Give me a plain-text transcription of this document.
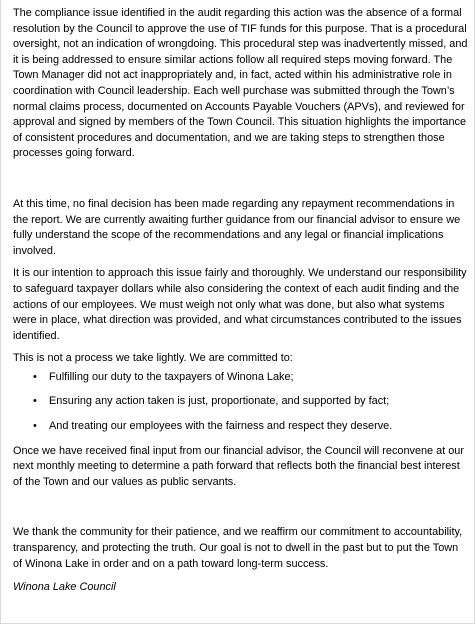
The compliance issue identified in the audit regarding this action was the absence of a formal resolution by the Council to approve the use of TIF funds for this purpose. That is a procedural oversight, not an indication of wrongdoing. This procedural step was inadvertently missed, and it is being addressed to ensure similar actions follow all required steps moving forward. The Town Manager did not act inappropriately and, in fact, acted within his administrative role in coordination with Council leadership. Each well purchase was submitted through the Town’s normal claims process, documented on Accounts Payable Vouchers (APVs), and reviewed for approval and signed by members of the Town Council. This situation highlights the importance of consistent procedures and documentation, and we are taking steps to strengthen those processes going forward.

At this time, no final decision has been made regarding any repayment recommendations in the report. We are currently awaiting further guidance from our financial advisor to ensure we fully understand the scope of the recommendations and any legal or financial implications involved.

It is our intention to approach this issue fairly and thoroughly. We understand our responsibility to safeguard taxpayer dollars while also considering the context of each audit finding and the actions of our employees. We must weigh not only what was done, but also what systems were in place, what direction was provided, and what circumstances contributed to the issues identified.

This is not a process we take lightly. We are committed to:

• Fulfilling our duty to the taxpayers of Winona Lake;
• Ensuring any action taken is just, proportionate, and supported by fact;
• And treating our employees with the fairness and respect they deserve.

Once we have received final input from our financial advisor, the Council will reconvene at our next monthly meeting to determine a path forward that reflects both the financial best interest of the Town and our values as public servants.

We thank the community for their patience, and we reaffirm our commitment to accountability, transparency, and protecting the truth. Our goal is not to dwell in the past but to put the Town of Winona Lake in order and on a path toward long-term success.

Winona Lake Council
